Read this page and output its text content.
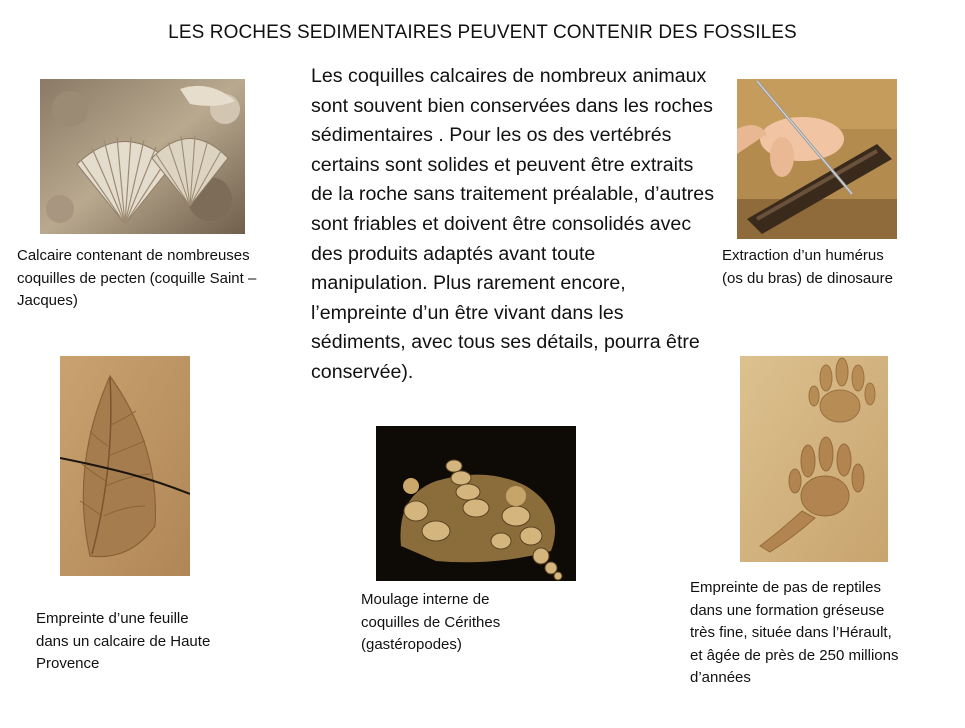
LES ROCHES SEDIMENTAIRES PEUVENT CONTENIR DES FOSSILES
Les coquilles calcaires de nombreux animaux sont souvent bien conservées dans les roches sédimentaires . Pour les os des vertébrés certains sont solides et peuvent être extraits de la roche sans traitement préalable, d’autres sont friables et doivent être consolidés avec des produits adaptés avant toute manipulation. Plus rarement encore, l’empreinte d’un être vivant dans les sédiments, avec tous ses détails, pourra être conservée).
Calcaire contenant de nombreuses
coquilles de pecten (coquille Saint –
Jacques)
Extraction d’un humérus
(os du bras) de dinosaure
Empreinte d’une feuille
dans un calcaire de Haute
Provence
Moulage interne de
coquilles de Cérithes
(gastéropodes)
Empreinte de pas de reptiles
dans une formation gréseuse
très fine, située dans l’Hérault,
et âgée de près de 250 millions
d’années
